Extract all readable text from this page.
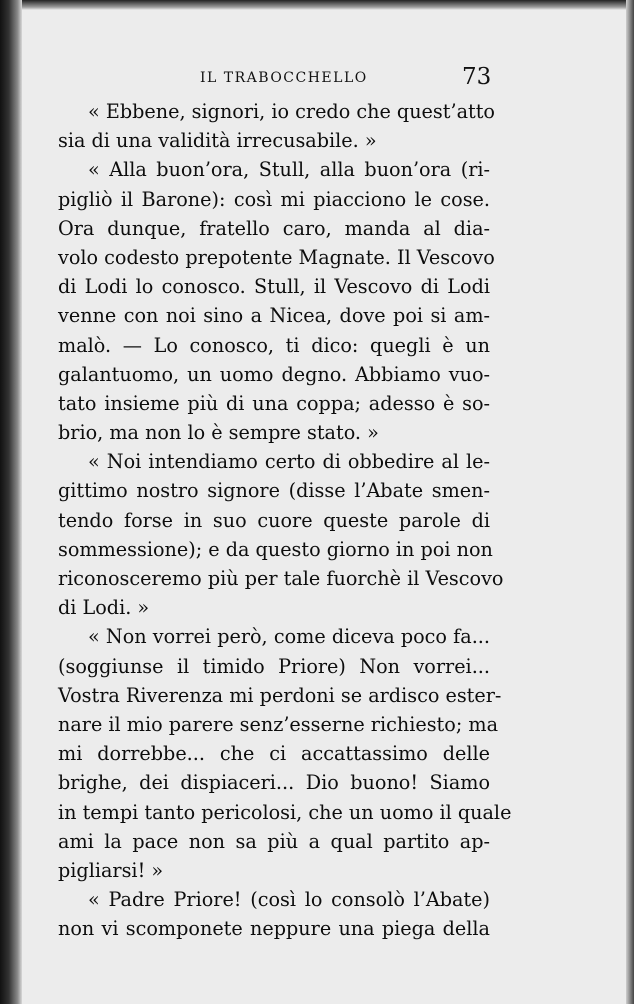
IL TRABOCCHELLO	73
« Ebbene, signori, io credo che quest’atto
sia di una validità irrecusabile. »
« Alla buon’ora, Stull, alla buon’ora (ri-
pigliò il Barone): così mi piacciono le cose.
Ora dunque, fratello caro, manda al dia-
volo codesto prepotente Magnate. Il Vescovo
di Lodi lo conosco. Stull, il Vescovo di Lodi
venne con noi sino a Nicea, dove poi si am-
malò. — Lo conosco, ti dico: quegli è un
galantuomo, un uomo degno. Abbiamo vuo-
tato insieme più di una coppa; adesso è so-
brio, ma non lo è sempre stato. »
« Noi intendiamo certo di obbedire al le-
gittimo nostro signore (disse l’Abate smen-
tendo forse in suo cuore queste parole di
sommessione); e da questo giorno in poi non
riconosceremo più per tale fuorchè il Vescovo
di Lodi. »
« Non vorrei però, come diceva poco fa...
(soggiunse il timido Priore) Non vorrei...
Vostra Riverenza mi perdoni se ardisco ester-
nare il mio parere senz’esserne richiesto; ma
mi dorrebbe... che ci accattassimo delle
brighe, dei dispiaceri... Dio buono! Siamo
in tempi tanto pericolosi, che un uomo il quale
ami la pace non sa più a qual partito ap-
pigliarsi! »
« Padre Priore! (così lo consolò l’Abate)
non vi scomponete neppure una piega della
